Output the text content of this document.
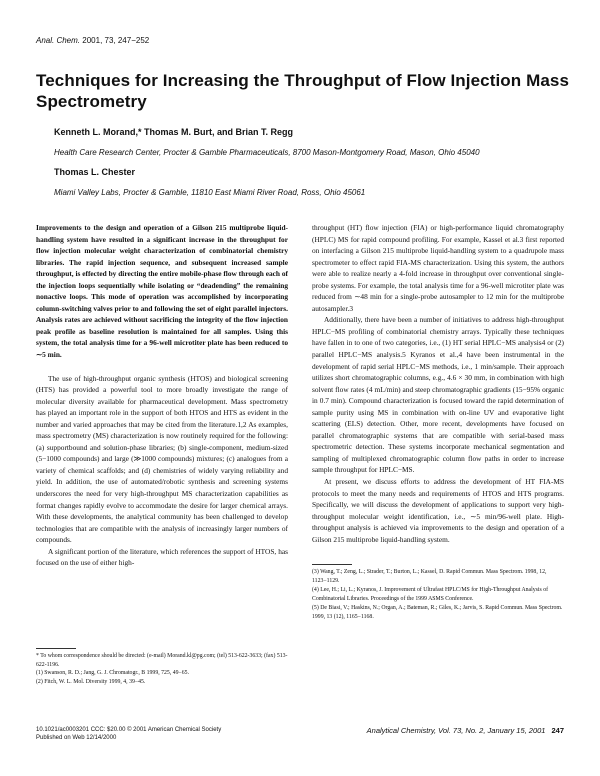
Anal. Chem. 2001, 73, 247−252
Techniques for Increasing the Throughput of Flow Injection Mass Spectrometry
Kenneth L. Morand,* Thomas M. Burt, and Brian T. Regg
Health Care Research Center, Procter & Gamble Pharmaceuticals, 8700 Mason-Montgomery Road, Mason, Ohio 45040
Thomas L. Chester
Miami Valley Labs, Procter & Gamble, 11810 East Miami River Road, Ross, Ohio 45061

Improvements to the design and operation of a Gilson 215 multiprobe liquid-handling system have resulted in a significant increase in the throughput for flow injection molecular weight characterization of combinatorial chemistry libraries. The rapid injection sequence, and subsequent increased sample throughput, is effected by directing the entire mobile-phase flow through each of the injection loops sequentially while isolating or “deadending” the remaining nonactive loops. This mode of operation was accomplished by incorporating column-switching valves prior to and following the set of eight parallel injectors. Analysis rates are achieved without sacrificing the integrity of the flow injection peak profile as baseline resolution is maintained for all samples. Using this system, the total analysis time for a 96-well microtiter plate has been reduced to ∼5 min.

The use of high-throughput organic synthesis (HTOS) and biological screening (HTS) has provided a powerful tool to more broadly investigate the range of molecular diversity available for pharmaceutical development. Mass spectrometry has played an important role in the support of both HTOS and HTS as evident in the number and varied approaches that may be cited from the literature.1,2 As examples, mass spectrometry (MS) characterization is now routinely required for the following: (a) supportbound and solution-phase libraries; (b) single-component, medium-sized (5−1000 compounds) and large (≫1000 compounds) mixtures; (c) analogues from a variety of chemical scaffolds; and (d) chemistries of widely varying reliability and yield. In addition, the use of automated/robotic synthesis and screening systems underscores the need for very high-throughput MS characterization capabilities as format changes rapidly evolve to accommodate the desire for larger chemical arrays. With these developments, the analytical community has been challenged to develop technologies that are compatible with the analysis of increasingly larger numbers of compounds.

A significant portion of the literature, which references the support of HTOS, has focused on the use of either high-

* To whom correspondence should be directed: (e-mail) Morand.kl@pg.com; (tel) 513-622-3633; (fax) 513-622-1196.

(1) Swanson, R. D.; Jang, G. J. Chromatogr., B 1999, 725, 49−65.

(2) Fitch, W. L. Mol. Diversity 1999, 4, 39−45.

throughput (HT) flow injection (FIA) or high-performance liquid chromatography (HPLC) MS for rapid compound profiling. For example, Kassel et al.3 first reported on interfacing a Gilson 215 multiprobe liquid-handling system to a quadrupole mass spectrometer to effect rapid FIA-MS characterization. Using this system, the authors were able to realize nearly a 4-fold increase in throughput over conventional single-probe systems. For example, the total analysis time for a 96-well microtiter plate was reduced from ∼48 min for a single-probe autosampler to 12 min for the multiprobe autosampler.3

Additionally, there have been a number of initiatives to address high-throughput HPLC−MS profiling of combinatorial chemistry arrays. Typically these techniques have fallen in to one of two categories, i.e., (1) HT serial HPLC−MS analysis4 or (2) parallel HPLC−MS analysis.5 Kyranos et al.,4 have been instrumental in the development of rapid serial HPLC−MS methods, i.e., 1 min/sample. Their approach utilizes short chromatographic columns, e.g., 4.6 × 30 mm, in combination with high solvent flow rates (4 mL/min) and steep chromatographic gradients (15−95% organic in 0.7 min). Compound characterization is focused toward the rapid determination of sample purity using MS in combination with on-line UV and evaporative light scattering (ELS) detection. Other, more recent, developments have focused on parallel chromatographic systems that are compatible with serial-based mass spectrometric detection. These systems incorporate mechanical segmentation and sampling of multiplexed chromatographic column flow paths in order to increase sample throughput for HPLC−MS.

At present, we discuss efforts to address the development of HT FIA-MS protocols to meet the many needs and requirements of HTOS and HTS programs. Specifically, we will discuss the development of applications to support very high-throughput molecular weight identification, i.e., ∼5 min/96-well plate. High-throughput analysis is achieved via improvements to the design and operation of a Gilson 215 multiprobe liquid-handling system.

(3) Wang, T.; Zeng, L.; Strader, T.; Burton, L.; Kassel, D. Rapid Commun. Mass Spectrom. 1998, 12, 1123−1129.

(4) Lee, H.; Li, L.; Kyranos, J. Improvement of Ultrafast HPLC/MS for High-Throughput Analysis of Combinatorial Libraries. Proceedings of the 1999 ASMS Conference.

(5) De Biasi, V.; Haskins, N.; Organ, A.; Bateman, R.; Giles, K.; Jarvis, S. Rapid Commun. Mass Spectrom. 1999, 13 (12), 1165−1168.

10.1021/ac0003201 CCC: $20.00 © 2001 American Chemical Society
Published on Web 12/14/2000
Analytical Chemistry, Vol. 73, No. 2, January 15, 2001 247
